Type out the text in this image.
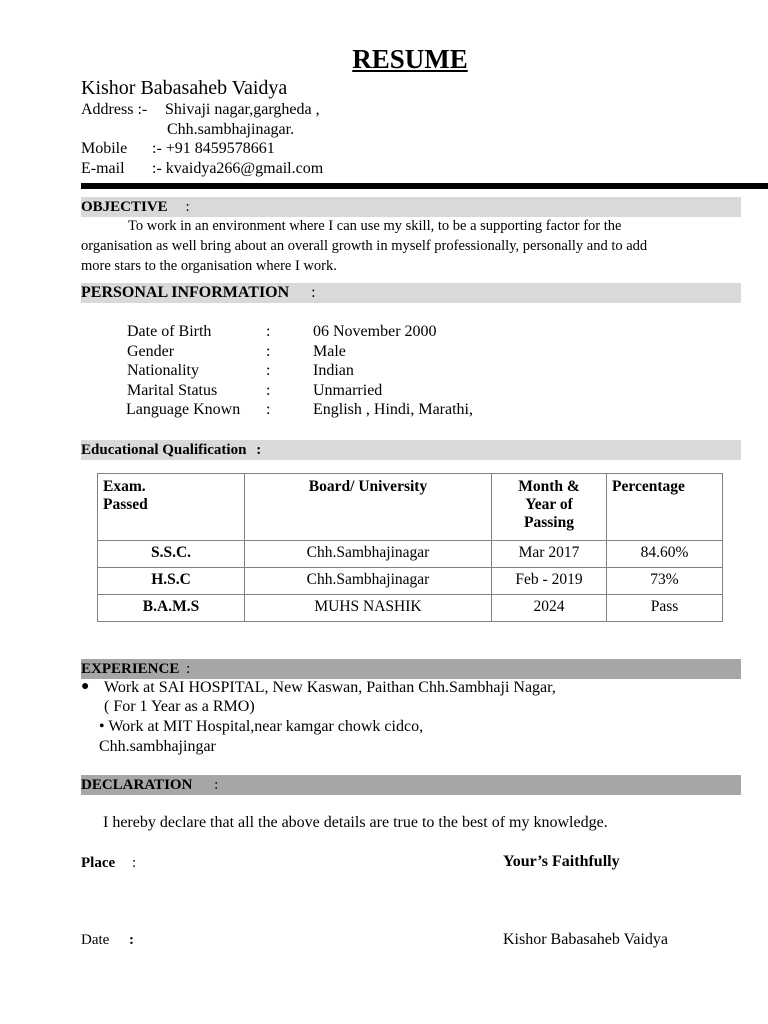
RESUME
Kishor Babasaheb Vaidya
Address :- Shivaji nagar,gargheda ,
Chh.sambhajinagar.
Mobile :- +91 8459578661
E-mail :- kvaidya266@gmail.com
OBJECTIVE :
To work in an environment where I can use my skill, to be a supporting factor for the
organisation as well bring about an overall growth in myself professionally, personally and to add
more stars to the organisation where I work.
PERSONAL INFORMATION :
Date of Birth	:	06 November 2000
Gender	:	Male
Nationality	:	Indian
Marital Status	:	Unmarried
Language Known :	English , Hindi, Marathi,
Educational Qualification :
Exam.
Passed	Board/ University	Month &
Year of
Passing	Percentage
S.S.C.	Chh.Sambhajinagar	Mar 2017	84.60%
H.S.C	Chh.Sambhajinagar	Feb - 2019	73%
B.A.M.S	MUHS NASHIK	2024	Pass
EXPERIENCE :
● Work at SAI HOSPITAL, New Kaswan, Paithan Chh.Sambhaji Nagar,
( For 1 Year as a RMO)
• Work at MIT Hospital,near kamgar chowk cidco,
Chh.sambhajingar
DECLARATION :
I hereby declare that all the above details are true to the best of my knowledge.
Place :	Your’s Faithfully
Date :	Kishor Babasaheb Vaidya
